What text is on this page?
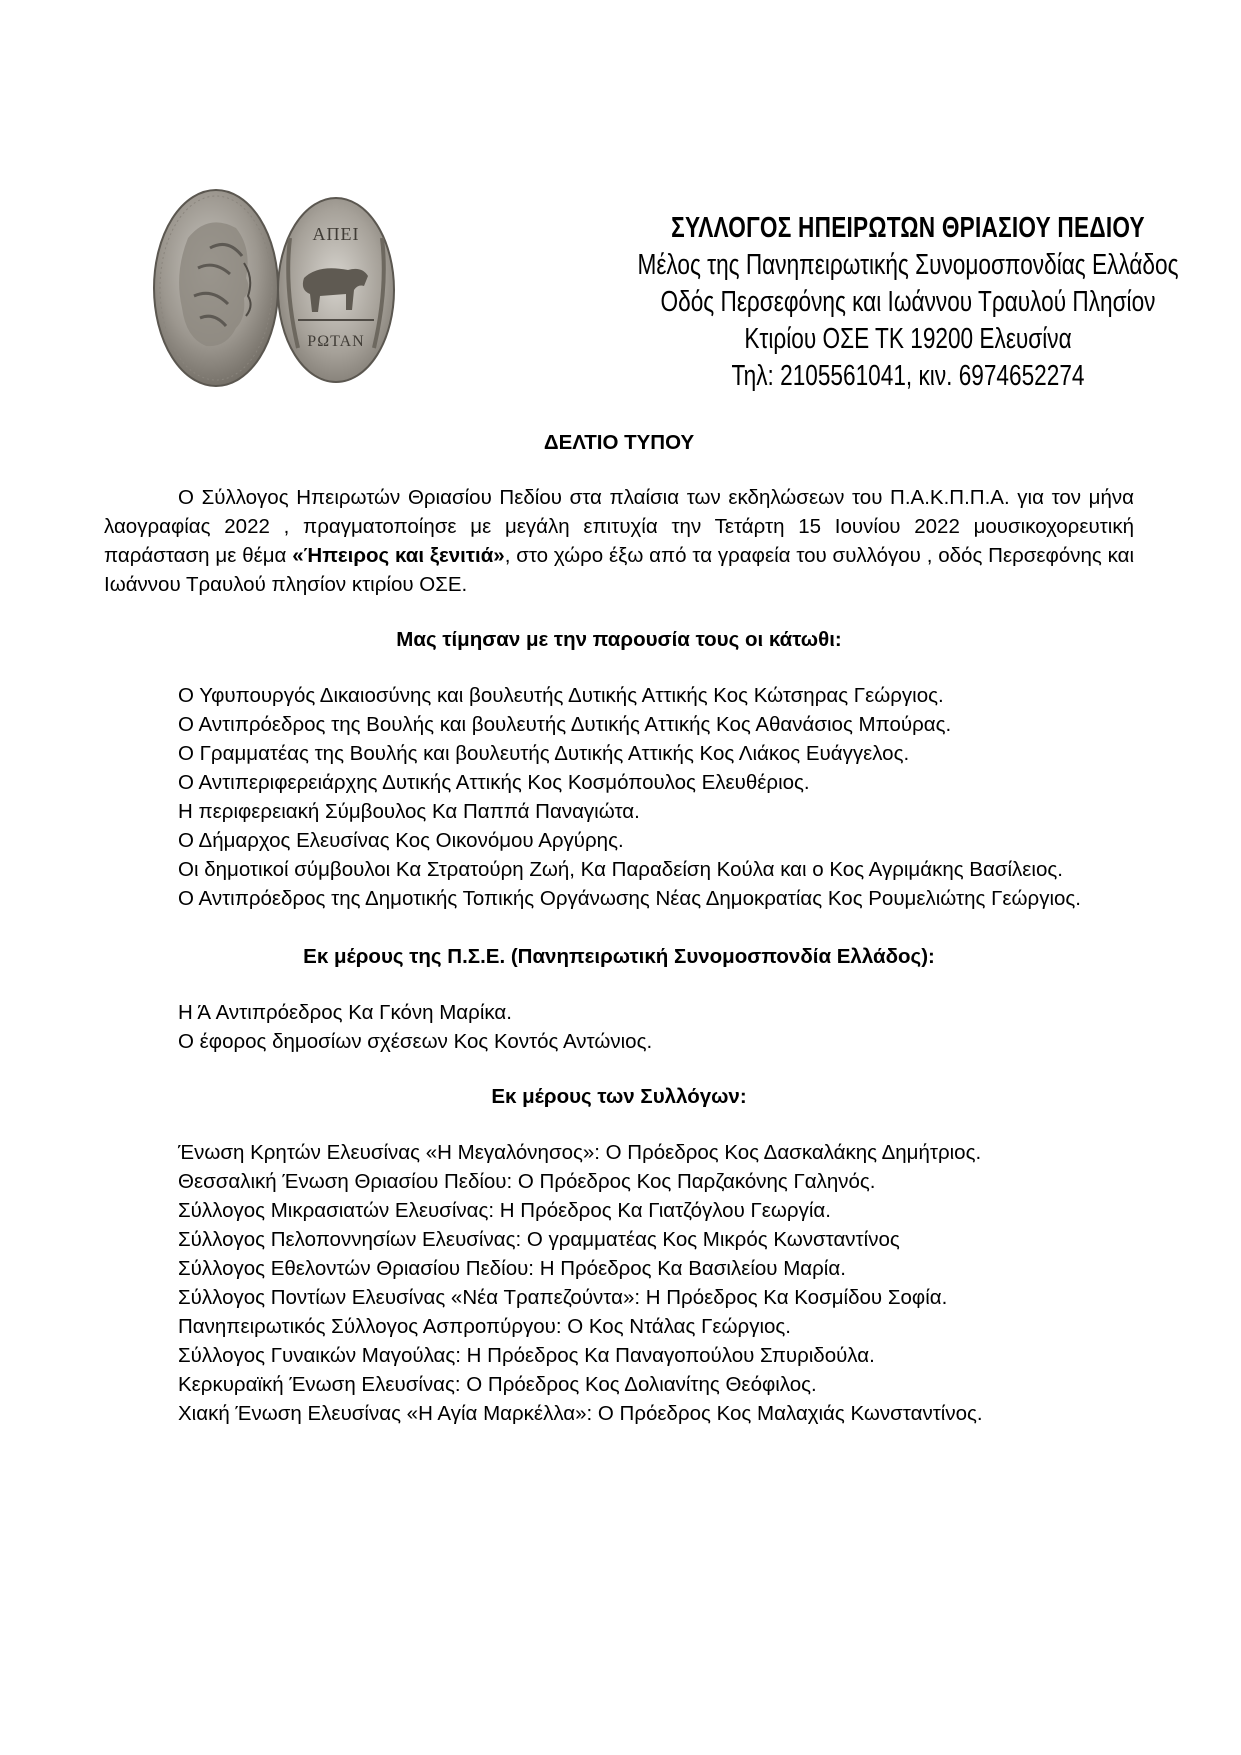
ΑΠΕΙ
ΡΩΤΑΝ
ΣΥΛΛΟΓΟΣ ΗΠΕΙΡΩΤΩΝ ΘΡΙΑΣΙΟΥ ΠΕΔΙΟΥ
Μέλος της Πανηπειρωτικής Συνομοσπονδίας Ελλάδος
Οδός Περσεφόνης και Ιωάννου Τραυλού Πλησίον Κτιρίου ΟΣΕ ΤΚ 19200 Ελευσίνα
Τηλ: 2105561041, κιν. 6974652274
ΔΕΛΤΙΟ ΤΥΠΟΥ

Ο Σύλλογος Ηπειρωτών Θριασίου Πεδίου στα πλαίσια των εκδηλώσεων του Π.Α.Κ.Π.Π.Α. για τον μήνα λαογραφίας 2022 , πραγματοποίησε με μεγάλη επιτυχία την Τετάρτη 15 Ιουνίου 2022 μουσικοχορευτική παράσταση με θέμα «Ήπειρος και ξενιτιά», στο χώρο έξω από τα γραφεία του συλλόγου , οδός Περσεφόνης και Ιωάννου Τραυλού πλησίον κτιρίου ΟΣΕ.

Μας τίμησαν με την παρουσία τους οι κάτωθι:

Ο Υφυπουργός Δικαιοσύνης και βουλευτής Δυτικής Αττικής Κος Κώτσηρας Γεώργιος.

Ο Αντιπρόεδρος της Βουλής και βουλευτής Δυτικής Αττικής Κος Αθανάσιος Μπούρας.

Ο Γραμματέας της Βουλής και βουλευτής Δυτικής Αττικής Κος Λιάκος Ευάγγελος.

Ο Αντιπεριφερειάρχης Δυτικής Αττικής Κος Κοσμόπουλος Ελευθέριος.

Η περιφερειακή Σύμβουλος Κα Παππά Παναγιώτα.

Ο Δήμαρχος Ελευσίνας Κος Οικονόμου Αργύρης.

Οι δημοτικοί σύμβουλοι Κα Στρατούρη Ζωή, Κα Παραδείση Κούλα και ο Κος Αγριμάκης Βασίλειος.

Ο Αντιπρόεδρος της Δημοτικής Τοπικής Οργάνωσης Νέας Δημοκρατίας Κος Ρουμελιώτης Γεώργιος.

Εκ μέρους της Π.Σ.Ε. (Πανηπειρωτική Συνομοσπονδία Ελλάδος):

Η Ά Αντιπρόεδρος Κα Γκόνη Μαρίκα.

Ο έφορος δημοσίων σχέσεων Κος Κοντός Αντώνιος.

Εκ μέρους των Συλλόγων:

Ένωση Κρητών Ελευσίνας «Η Μεγαλόνησος»: Ο Πρόεδρος Κος Δασκαλάκης Δημήτριος.

Θεσσαλική Ένωση Θριασίου Πεδίου: Ο Πρόεδρος Κος Παρζακόνης Γαληνός.

Σύλλογος Μικρασιατών Ελευσίνας: Η Πρόεδρος Κα Γιατζόγλου Γεωργία.

Σύλλογος Πελοποννησίων Ελευσίνας: Ο γραμματέας Κος Μικρός Κωνσταντίνος

Σύλλογος Εθελοντών Θριασίου Πεδίου: Η Πρόεδρος Κα Βασιλείου Μαρία.

Σύλλογος Ποντίων Ελευσίνας «Νέα Τραπεζούντα»: Η Πρόεδρος Κα Κοσμίδου Σοφία.

Πανηπειρωτικός Σύλλογος Ασπροπύργου: Ο Κος Ντάλας Γεώργιος.

Σύλλογος Γυναικών Μαγούλας: Η Πρόεδρος Κα Παναγοπούλου Σπυριδούλα.

Κερκυραϊκή Ένωση Ελευσίνας: Ο Πρόεδρος Κος Δολιανίτης Θεόφιλος.

Χιακή Ένωση Ελευσίνας «Η Αγία Μαρκέλλα»: Ο Πρόεδρος Κος Μαλαχιάς Κωνσταντίνος.
